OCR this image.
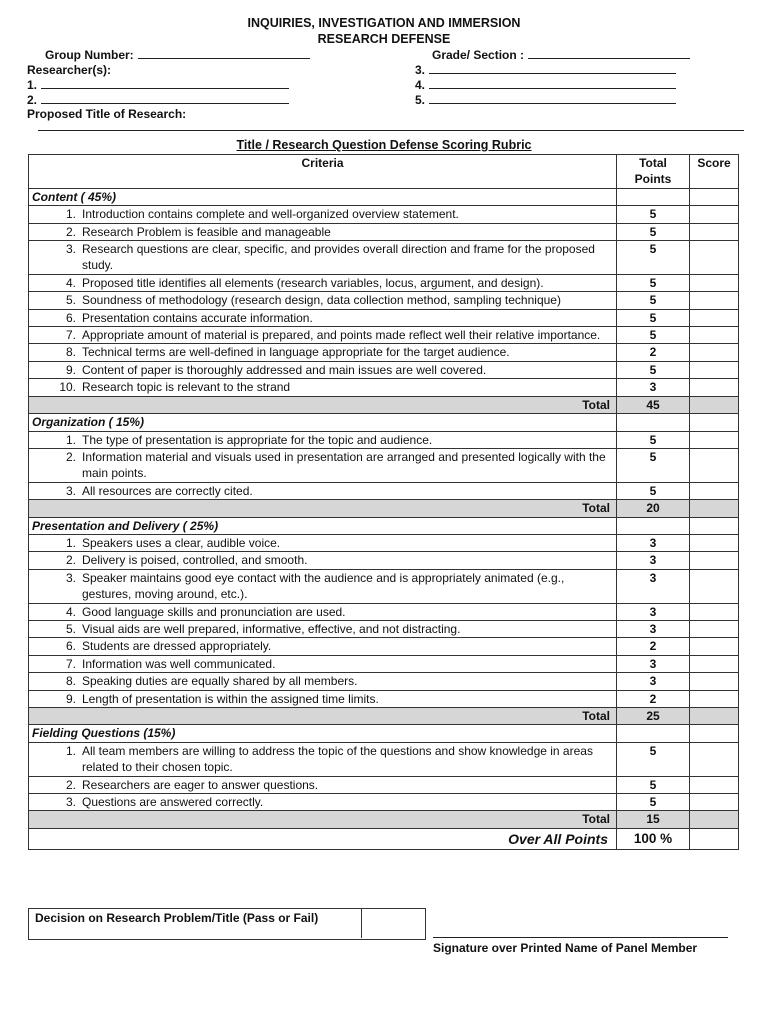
INQUIRIES, INVESTIGATION AND IMMERSION
RESEARCH DEFENSE
Group Number:	Grade/ Section :
Researcher(s):
1.
2.
3.
4.
5.
Proposed Title of Research:
Title / Research Question Defense Scoring Rubric
Criteria	Total Points	Score
Content ( 45%)		

1. Introduction contains complete and well-organized overview statement.	5	

2. Research Problem is feasible and manageable	5	

3. Research questions are clear, specific, and provides overall direction and frame for the proposed study.	5	

4. Proposed title identifies all elements (research variables, locus, argument, and design).	5	

5. Soundness of methodology (research design, data collection method, sampling technique)	5	

6. Presentation contains accurate information.	5	

7. Appropriate amount of material is prepared, and points made reflect well their relative importance.	5	

8. Technical terms are well-defined in language appropriate for the target audience.	2	

9. Content of paper is thoroughly addressed and main issues are well covered.	5	

10. Research topic is relevant to the strand	3	
Total	45	
Organization ( 15%)		

1. The type of presentation is appropriate for the topic and audience.	5	

2. Information material and visuals used in presentation are arranged and presented logically with the main points.	5	

3. All resources are correctly cited.	5	
Total	20	
Presentation and Delivery ( 25%)		

1. Speakers uses a clear, audible voice.	3	

2. Delivery is poised, controlled, and smooth.	3	

3. Speaker maintains good eye contact with the audience and is appropriately animated (e.g., gestures, moving around, etc.).	3	

4. Good language skills and pronunciation are used.	3	

5. Visual aids are well prepared, informative, effective, and not distracting.	3	

6. Students are dressed appropriately.	2	

7. Information was well communicated.	3	

8. Speaking duties are equally shared by all members.	3	

9. Length of presentation is within the assigned time limits.	2	
Total	25	
Fielding Questions (15%)		

1. All team members are willing to address the topic of the questions and show knowledge in areas related to their chosen topic.	5	

2. Researchers are eager to answer questions.	5	

3. Questions are answered correctly.	5	
Total	15	
Over All Points	100 %	
Decision on Research Problem/Title (Pass or Fail)
Signature over Printed Name of Panel Member
